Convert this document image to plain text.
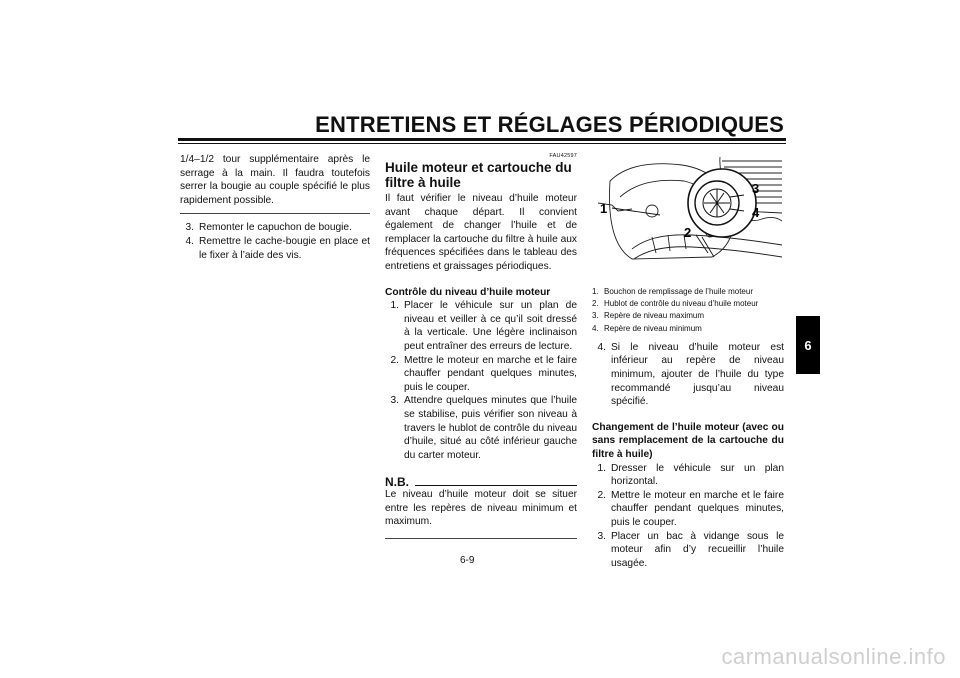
ENTRETIENS ET RÉGLAGES PÉRIODIQUES
6

1/4–1/2 tour supplémentaire après le serrage à la main. Il faudra toutefois serrer la bougie au couple spécifié le plus rapidement possible.

3. Remonter le capuchon de bougie.
4. Remettre le cache-bougie en place et le fixer à l’aide des vis.
FAU42597
Huile moteur et cartouche du filtre à huile

Il faut vérifier le niveau d’huile moteur avant chaque départ. Il convient également de changer l’huile et de remplacer la cartouche du filtre à huile aux fréquences spécifiées dans le tableau des entretiens et graissages périodiques.

Contrôle du niveau d’huile moteur
1. Placer le véhicule sur un plan de niveau et veiller à ce qu’il soit dressé à la verticale. Une légère inclinaison peut entraîner des erreurs de lecture.
2. Mettre le moteur en marche et le faire chauffer pendant quelques minutes, puis le couper.
3. Attendre quelques minutes que l’huile se stabilise, puis vérifier son niveau à travers le hublot de contrôle du niveau d’huile, situé au côté inférieur gauche du carter moteur.
N.B.

Le niveau d’huile moteur doit se situer entre les repères de niveau minimum et maximum.

1
2
3
4
1. Bouchon de remplissage de l’huile moteur
2. Hublot de contrôle du niveau d’huile moteur
3. Repère de niveau maximum
4. Repère de niveau minimum
4. Si le niveau d’huile moteur est inférieur au repère de niveau minimum, ajouter de l’huile du type recommandé jusqu’au niveau spécifié.
Changement de l’huile moteur (avec ou sans remplacement de la cartouche du filtre à huile)
1. Dresser le véhicule sur un plan horizontal.
2. Mettre le moteur en marche et le faire chauffer pendant quelques minutes, puis le couper.
3. Placer un bac à vidange sous le moteur afin d’y recueillir l’huile usagée.
6-9
carmanualsonline.info
